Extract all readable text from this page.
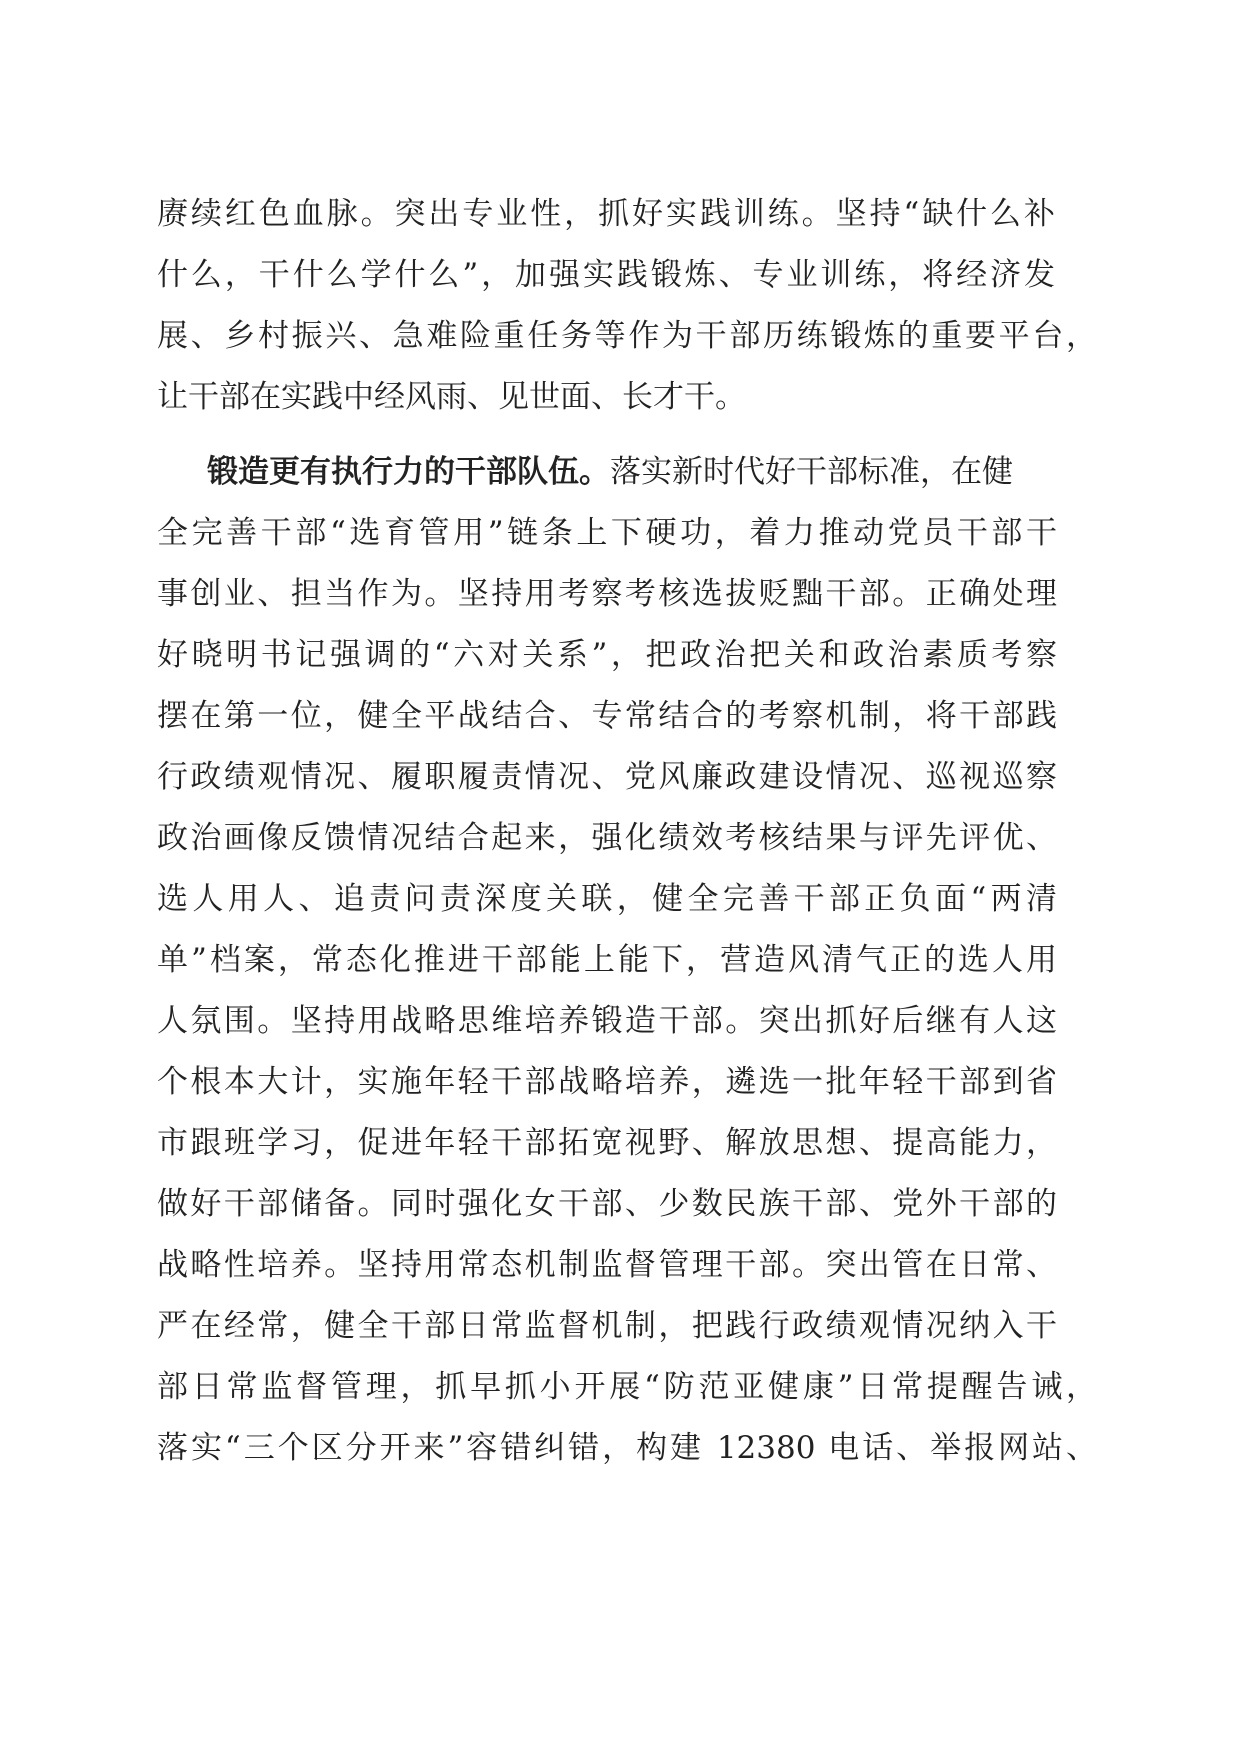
赓续红色血脉。突出专业性，抓好实践训练。坚持“缺什么补
什么，干什么学什么”，加强实践锻炼、专业训练，将经济发
展、乡村振兴、急难险重任务等作为干部历练锻炼的重要平台，
让干部在实践中经风雨、见世面、长才干。
锻造更有执行力的干部队伍。落实新时代好干部标准，在健
全完善干部“选育管用”链条上下硬功，着力推动党员干部干
事创业、担当作为。坚持用考察考核选拔贬黜干部。正确处理
好晓明书记强调的“六对关系”，把政治把关和政治素质考察
摆在第一位，健全平战结合、专常结合的考察机制，将干部践
行政绩观情况、履职履责情况、党风廉政建设情况、巡视巡察
政治画像反馈情况结合起来，强化绩效考核结果与评先评优、
选人用人、追责问责深度关联，健全完善干部正负面“两清
单”档案，常态化推进干部能上能下，营造风清气正的选人用
人氛围。坚持用战略思维培养锻造干部。突出抓好后继有人这
个根本大计，实施年轻干部战略培养，遴选一批年轻干部到省
市跟班学习，促进年轻干部拓宽视野、解放思想、提高能力，
做好干部储备。同时强化女干部、少数民族干部、党外干部的
战略性培养。坚持用常态机制监督管理干部。突出管在日常、
严在经常，健全干部日常监督机制，把践行政绩观情况纳入干
部日常监督管理，抓早抓小开展“防范亚健康”日常提醒告诫，
落实“三个区分开来”容错纠错，构建 12380 电话、举报网站、
